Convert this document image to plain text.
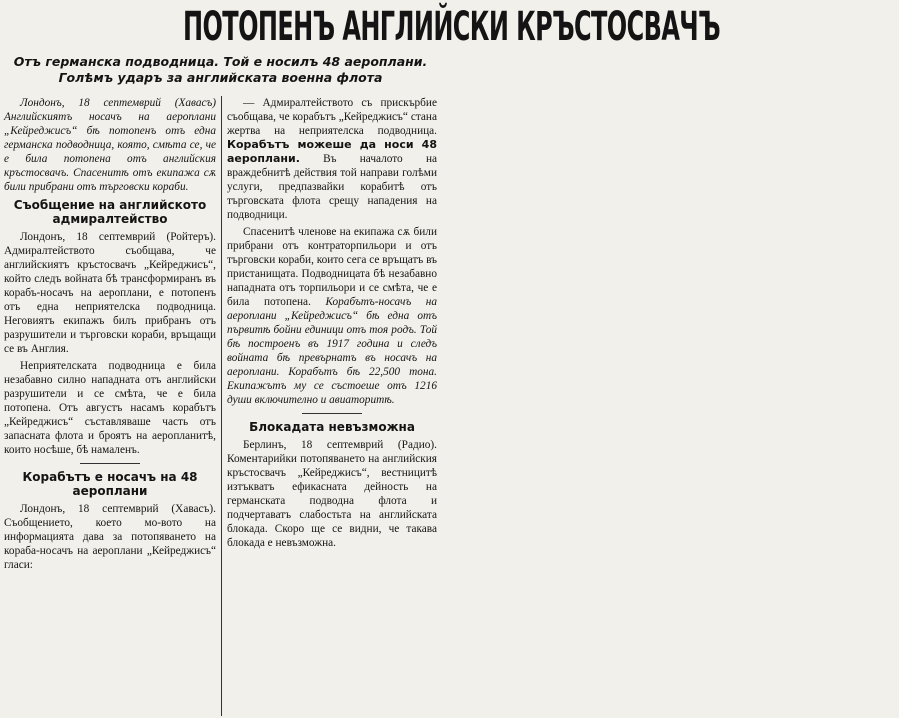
ПОТОПЕНЪ АНГЛИЙСКИ КРЪСТОСВАЧЪ
Отъ германска подводница. Той е носилъ 48 аероплани. Голѣмъ ударъ за английската военна флота

Лондонъ, 18 септемврий (Хавасъ) Английскиятъ носачъ на аероплани „Кейреджисъ“ бѣ потопенъ отъ една германска подводница, която, смѣта се, че е била потопена отъ английския кръстосвачъ. Спасенитѣ отъ екипажа сѫ били прибрани отъ търговски кораби.

Съобщение на английското адмиралтейство

Лондонъ, 18 септемврий (Ройтеръ). Адмиралтейството съобщава, че английскиятъ кръстосвачъ „Кейреджисъ“, който следъ войната бѣ трансформиранъ въ корабъ-носачъ на аероплани, е потопенъ отъ една неприятелска подводница. Неговиятъ екипажъ билъ прибранъ отъ разрушители и търговски кораби, връщащи се въ Англия.

Неприятелската подводница е била незабавно силно нападната отъ английски разрушители и се смѣта, че е била потопена. Отъ августъ насамъ корабътъ „Кейреджисъ“ съставляваше часть отъ запасната флота и броятъ на аеропланитѣ, които носѣше, бѣ намаленъ.

Корабътъ е носачъ на 48 аероплани

Лондонъ, 18 септемврий (Хавасъ). Съобщението, което мо-вото на информацията дава за потопяването на кораба-носачъ на аероплани „Кейреджисъ“ гласи:

— Адмиралтейството съ прискърбие съобщава, че корабътъ „Кейреджисъ“ стана жертва на неприятелска подводница. Корабътъ можеше да носи 48 аероплани. Въ началото на враждебнитѣ действия той направи голѣми услуги, предпазвайки корабитѣ отъ търговската флота срещу нападения на подводници.

Спасенитѣ членове на екипажа сѫ били прибрани отъ контраторпильори и отъ търговски кораби, които сега се връщатъ въ пристанищата. Подводницата бѣ незабавно нападната отъ торпильори и се смѣта, че е била потопена. Корабътъ-носачъ на аероплани „Кейреджисъ“ бѣ една отъ първитѣ бойни единици отъ тоя родъ. Той бѣ построенъ въ 1917 година и следъ войната бѣ превърнатъ въ носачъ на аероплани. Корабътъ бѣ 22,500 тона. Екипажътъ му се състоеше отъ 1216 души включително и авиаторитѣ.

Блокадата невъзможна

Берлинъ, 18 септемврий (Радио). Коментарийки потопяването на английския кръстосвачъ „Кейреджисъ“, вестницитѣ изтъкватъ ефикасната дейность на германската подводна флота и подчертаватъ слабостьта на английската блокада. Скоро ще се видни, че такава блокада е невъзможна.
